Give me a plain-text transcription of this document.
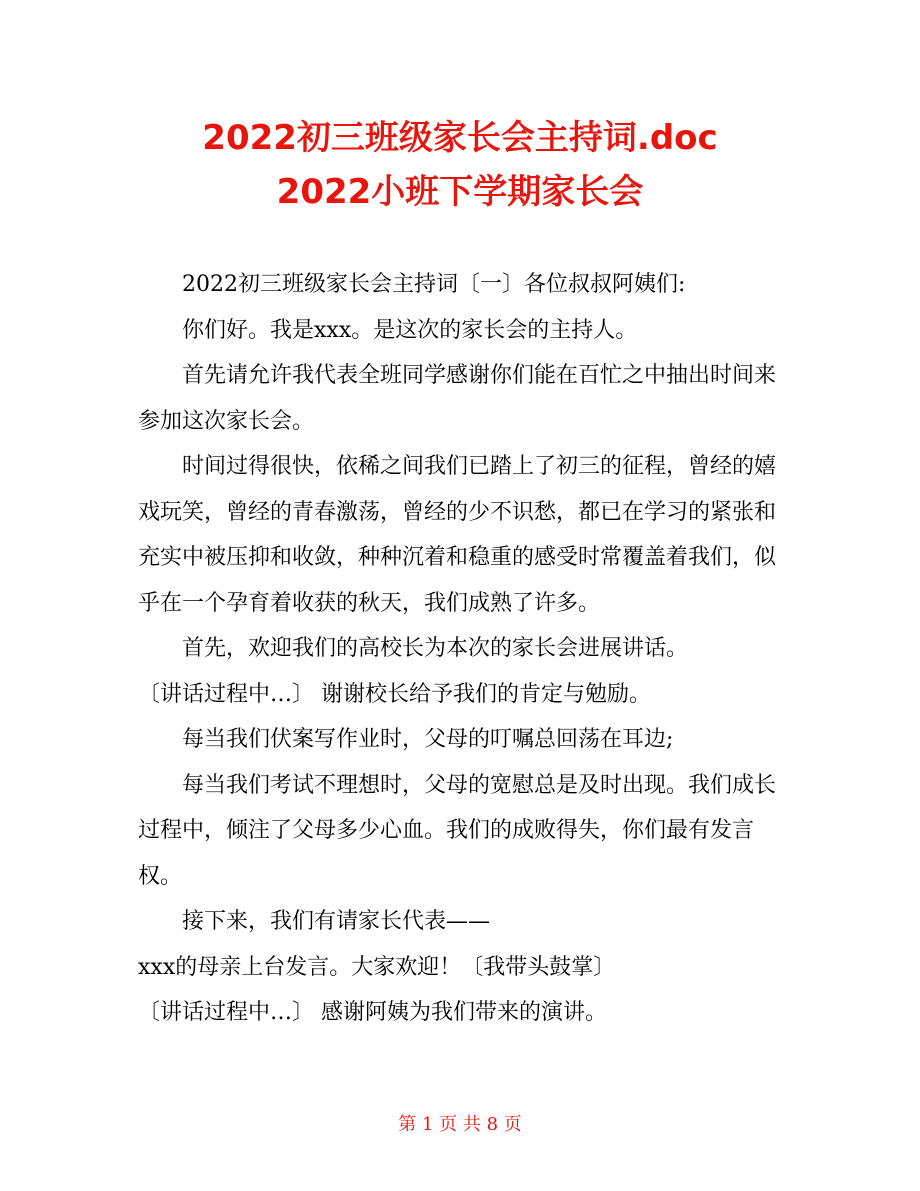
2022初三班级家长会主持词.doc
2022小班下学期家长会

2022初三班级家长会主持词〔一〕各位叔叔阿姨们:

你们好。我是xxx。是这次的家长会的主持人。

首先请允许我代表全班同学感谢你们能在百忙之中抽出时间来参加这次家长会。

时间过得很快，依稀之间我们已踏上了初三的征程，曾经的嬉戏玩笑，曾经的青春激荡，曾经的少不识愁，都已在学习的紧张和充实中被压抑和收敛，种种沉着和稳重的感受时常覆盖着我们，似乎在一个孕育着收获的秋天，我们成熟了许多。

首先，欢迎我们的高校长为本次的家长会进展讲话。

〔讲话过程中…〕 谢谢校长给予我们的肯定与勉励。

每当我们伏案写作业时，父母的叮嘱总回荡在耳边;

每当我们考试不理想时，父母的宽慰总是及时出现。我们成长过程中，倾注了父母多少心血。我们的成败得失，你们最有发言权。

接下来，我们有请家长代表——

xxx的母亲上台发言。大家欢迎！〔我带头鼓掌〕

〔讲话过程中…〕 感谢阿姨为我们带来的演讲。

第 1 页 共 8 页
